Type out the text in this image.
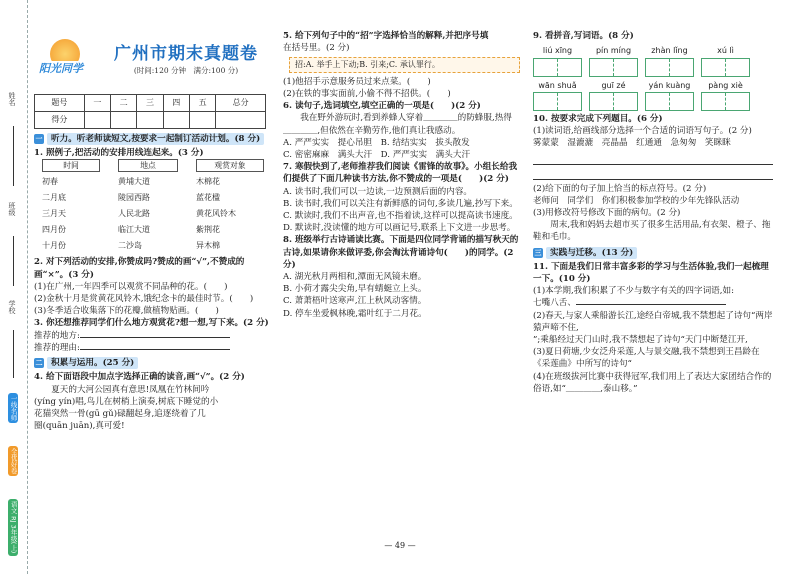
姓名
班级
学校
一线名师
全优好卷
语文 RJ 3年级(上)
阳光同学
广州市期末真题卷
(时间:120 分钟　满分:100 分)
题号	一	二	三	四	五	总分
得分						
一 听力。听老师读短文,按要求一起制订活动计划。(8 分)

1. 照例子,把活动的安排用线连起来。(3 分)

时间	地点	观赏对象
初春	黄埔大道	木棉花
二月底	陵园西路	蓝花楹
三月天	人民北路	黄花风铃木
四月份	临江大道	紫荆花
十月份	二沙岛	异木棉

2. 对下列活动的安排,你赞成吗?赞成的画“√”,不赞成的画“×”。(3 分)

(1)在广州,一年四季可以观赏不同品种的花。(　　)

(2)金秋十月是赏黄花风铃木,饿纪念卡的最佳时节。(　　)

(3)冬季适合收集落下的花瓣,做植物贴画。(　　)

3. 你还想推荐同学们什么地方观赏花?想一想,写下来。(2 分)

推荐的地方:

推荐的理由:

二 积累与运用。(25 分)

4. 给下面语段中加点字选择正确的读音,画“√”。(2 分)

夏天的大河公园真有意思!凤凰在竹林间吟

(yíng yín)唱,鸟儿在树梢上演奏,树底下睡觉的小

花猫突然一骨(gū gǔ)碌翻起身,追逐绕着了几

圈(quān juān),真可爱!

5. 给下列句子中的“招”字选择恰当的解释,并把序号填

在括号里。(2 分)

招:A. 举手上下动;B. 引来;C. 承认罪行。

(1)他招手示意服务员过来点菜。(　　)

(2)在铁的事实面前,小偷不得不招供。(　　)

6. 读句子,选词填空,填空正确的一项是(　　)(2 分)

我在野外游玩时,看到养蜂人穿着＿＿＿＿的防蜂服,热得＿＿＿＿,但依然在辛勤劳作,他们真让我感动。

A. 严严实实　提心吊胆　B. 结结实实　拔头散发

C. 密密麻麻　满头大汗　D. 严严实实　满头大汗

7. 寒假快到了,老师推荐我们阅读《雷锋的故事》。小组长给我们提供了下面几种读书方法,你不赞成的一项是(　　)(2 分)

A. 读书时,我们可以一边读,一边预测后面的内容。

B. 读书时,我们可以关注有新鲜感的词句,多读几遍,抄写下来。

C. 默读时,我们不出声音,也不指着读,这样可以提高读书速度。

D. 默读时,没读懂的地方可以画记号,联系上下文进一步思考。

8. 班级举行古诗诵读比赛。下面是四位同学背诵的描写秋天的古诗,如果请你来做评委,你会淘汰背诵诗句(　　)的同学。(2 分)

A. 湖光秋月两相和,潭面无风镜未磨。

B. 小荷才露尖尖角,早有蜻蜓立上头。

C. 萧萧梧叶送寒声,江上秋风动客情。

D. 停车坐爱枫林晚,霜叶红于二月花。

9. 看拼音,写词语。(8 分)

liú xīng	pín míng	zhàn lǐng	xú lì
wān shuǎ	guī zé	yán kuàng	pàng xiè

10. 按要求完成下列题目。(6 分)

(1)读词语,给画线部分选择一个合适的词语写句子。(2 分)

雾蒙蒙　湿漉漉　亮晶晶　红通通　急匆匆　笑眯眯

(2)给下面的句子加上恰当的标点符号。(2 分)

老师问　同学们　你们积极参加学校的少年先锋队活动

(3)用修改符号修改下面的病句。(2 分)

周末,我和妈妈去超市买了很多生活用品,有衣架、橙子、拖鞋和毛巾。

三 实践与迁移。(13 分)

11. 下面是我们日常丰富多彩的学习与生活体验,我们一起梳理一下。(10 分)

(1)本学期,我们积累了不少与数字有关的四字词语,如:

七嘴八舌、

(2)春天,与家人乘船游长江,途经白帝城,我不禁想起了诗句“两岸猿声啼不住,

”;乘船经过天门山时,我不禁想起了诗句“天门中断楚江开,

(3)夏日荷塘,少女泛舟采莲,人与景交融,我不禁想到王昌龄在《采莲曲》中所写的诗句“

(4)在班级拔河比赛中获得冠军,我们用上了表达大家团结合作的俗语,如“＿＿＿＿,泰山移。”

— 49 —
